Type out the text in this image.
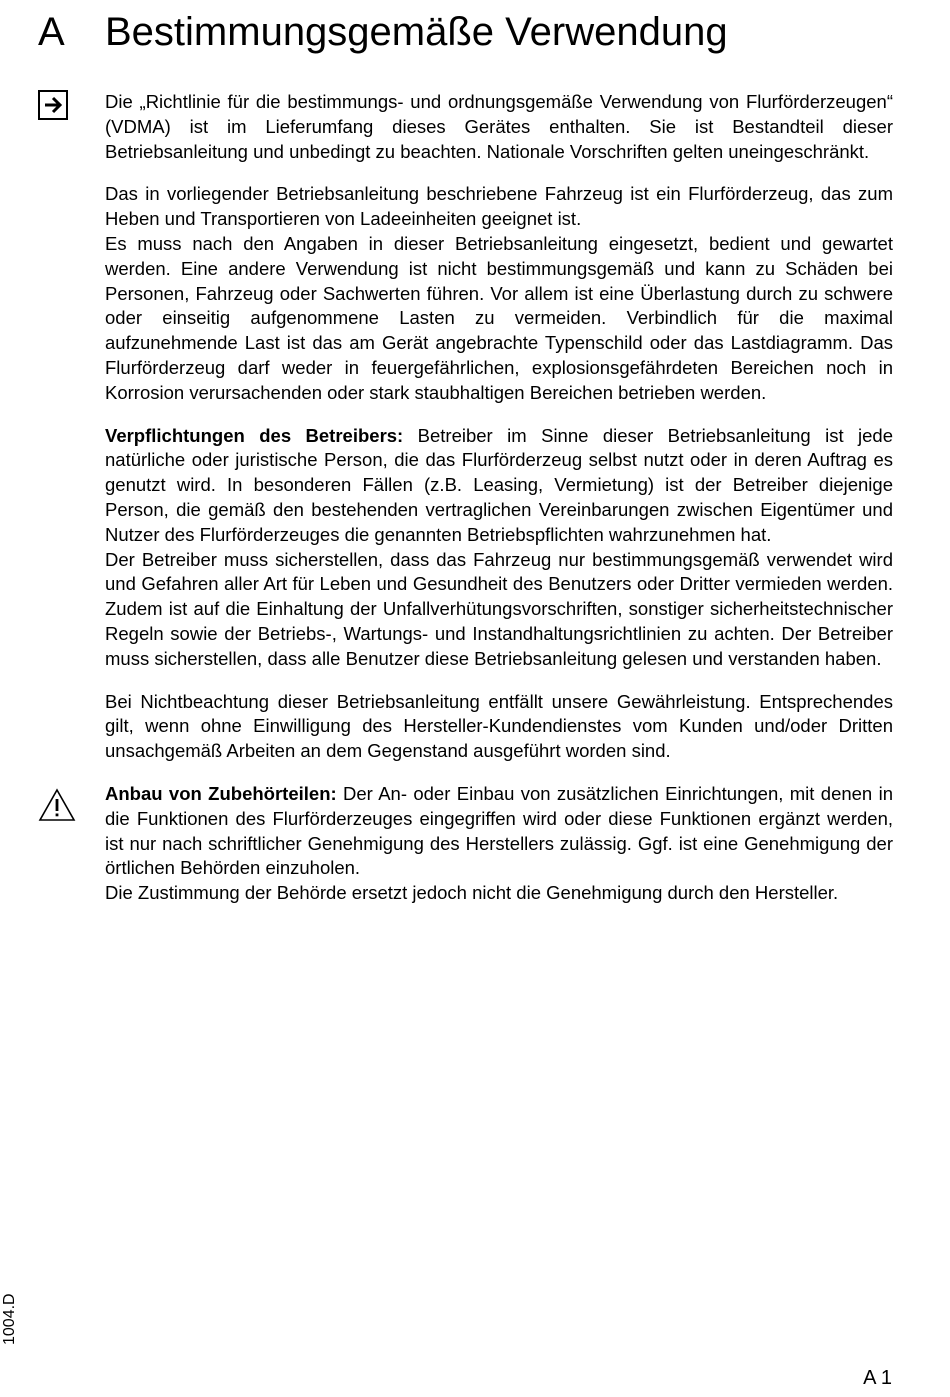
A Bestimmungsgemäße Verwendung

Die „Richtlinie für die bestimmungs- und ordnungsgemäße Verwendung von Flurförderzeugen“ (VDMA) ist im Lieferumfang dieses Gerätes enthalten. Sie ist Bestandteil dieser Betriebsanleitung und unbedingt zu beachten. Nationale Vorschriften gelten uneingeschränkt.

Das in vorliegender Betriebsanleitung beschriebene Fahrzeug ist ein Flurförderzeug, das zum Heben und Transportieren von Ladeeinheiten geeignet ist.

Es muss nach den Angaben in dieser Betriebsanleitung eingesetzt, bedient und gewartet werden. Eine andere Verwendung ist nicht bestimmungsgemäß und kann zu Schäden bei Personen, Fahrzeug oder Sachwerten führen. Vor allem ist eine Überlastung durch zu schwere oder einseitig aufgenommene Lasten zu vermeiden. Verbindlich für die maximal aufzunehmende Last ist das am Gerät angebrachte Typenschild oder das Lastdiagramm. Das Flurförderzeug darf weder in feuergefährlichen, explosionsgefährdeten Bereichen noch in Korrosion verursachenden oder stark staubhaltigen Bereichen betrieben werden.

Verpflichtungen des Betreibers: Betreiber im Sinne dieser Betriebsanleitung ist jede natürliche oder juristische Person, die das Flurförderzeug selbst nutzt oder in deren Auftrag es genutzt wird. In besonderen Fällen (z.B. Leasing, Vermietung) ist der Betreiber diejenige Person, die gemäß den bestehenden vertraglichen Vereinbarungen zwischen Eigentümer und Nutzer des Flurförderzeuges die genannten Betriebspflichten wahrzunehmen hat.

Der Betreiber muss sicherstellen, dass das Fahrzeug nur bestimmungsgemäß verwendet wird und Gefahren aller Art für Leben und Gesundheit des Benutzers oder Dritter vermieden werden. Zudem ist auf die Einhaltung der Unfallverhütungsvorschriften, sonstiger sicherheitstechnischer Regeln sowie der Betriebs-, Wartungs- und Instandhaltungsrichtlinien zu achten. Der Betreiber muss sicherstellen, dass alle Benutzer diese Betriebsanleitung gelesen und verstanden haben.

Bei Nichtbeachtung dieser Betriebsanleitung entfällt unsere Gewährleistung. Entsprechendes gilt, wenn ohne Einwilligung des Hersteller-Kundendienstes vom Kunden und/oder Dritten unsachgemäß Arbeiten an dem Gegenstand ausgeführt worden sind.

Anbau von Zubehörteilen: Der An- oder Einbau von zusätzlichen Einrichtungen, mit denen in die Funktionen des Flurförderzeuges eingegriffen wird oder diese Funktionen ergänzt werden, ist nur nach schriftlicher Genehmigung des Herstellers zulässig. Ggf. ist eine Genehmigung der örtlichen Behörden einzuholen.

Die Zustimmung der Behörde ersetzt jedoch nicht die Genehmigung durch den Hersteller.

1004.D
A 1
